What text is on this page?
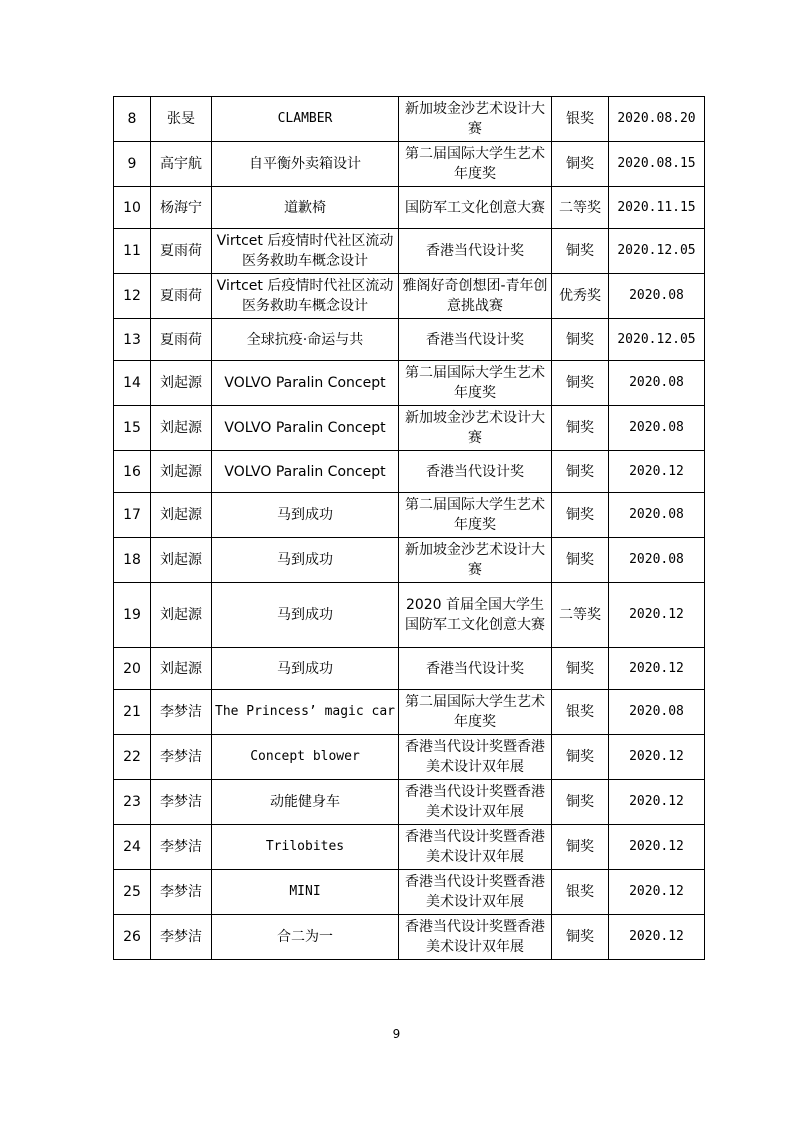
8	张旻	CLAMBER	新加坡金沙艺术设计大赛	银奖	2020.08.20
9	高宇航	自平衡外卖箱设计	第二届国际大学生艺术年度奖	铜奖	2020.08.15
10	杨海宁	道歉椅	国防军工文化创意大赛	二等奖	2020.11.15
11	夏雨荷	Virtcet 后疫情时代社区流动医务救助车概念设计	香港当代设计奖	铜奖	2020.12.05
12	夏雨荷	Virtcet 后疫情时代社区流动医务救助车概念设计	雅阁好奇创想团-青年创意挑战赛	优秀奖	2020.08
13	夏雨荷	全球抗疫·命运与共	香港当代设计奖	铜奖	2020.12.05
14	刘起源	VOLVO Paralin Concept	第二届国际大学生艺术年度奖	铜奖	2020.08
15	刘起源	VOLVO Paralin Concept	新加坡金沙艺术设计大赛	铜奖	2020.08
16	刘起源	VOLVO Paralin Concept	香港当代设计奖	铜奖	2020.12
17	刘起源	马到成功	第二届国际大学生艺术年度奖	铜奖	2020.08
18	刘起源	马到成功	新加坡金沙艺术设计大赛	铜奖	2020.08
19	刘起源	马到成功	2020 首届全国大学生国防军工文化创意大赛	二等奖	2020.12
20	刘起源	马到成功	香港当代设计奖	铜奖	2020.12
21	李梦洁	The Princess’ magic car	第二届国际大学生艺术年度奖	银奖	2020.08
22	李梦洁	Concept blower	香港当代设计奖暨香港美术设计双年展	铜奖	2020.12
23	李梦洁	动能健身车	香港当代设计奖暨香港美术设计双年展	铜奖	2020.12
24	李梦洁	Trilobites	香港当代设计奖暨香港美术设计双年展	铜奖	2020.12
25	李梦洁	MINI	香港当代设计奖暨香港美术设计双年展	银奖	2020.12
26	李梦洁	合二为一	香港当代设计奖暨香港美术设计双年展	铜奖	2020.12
9
